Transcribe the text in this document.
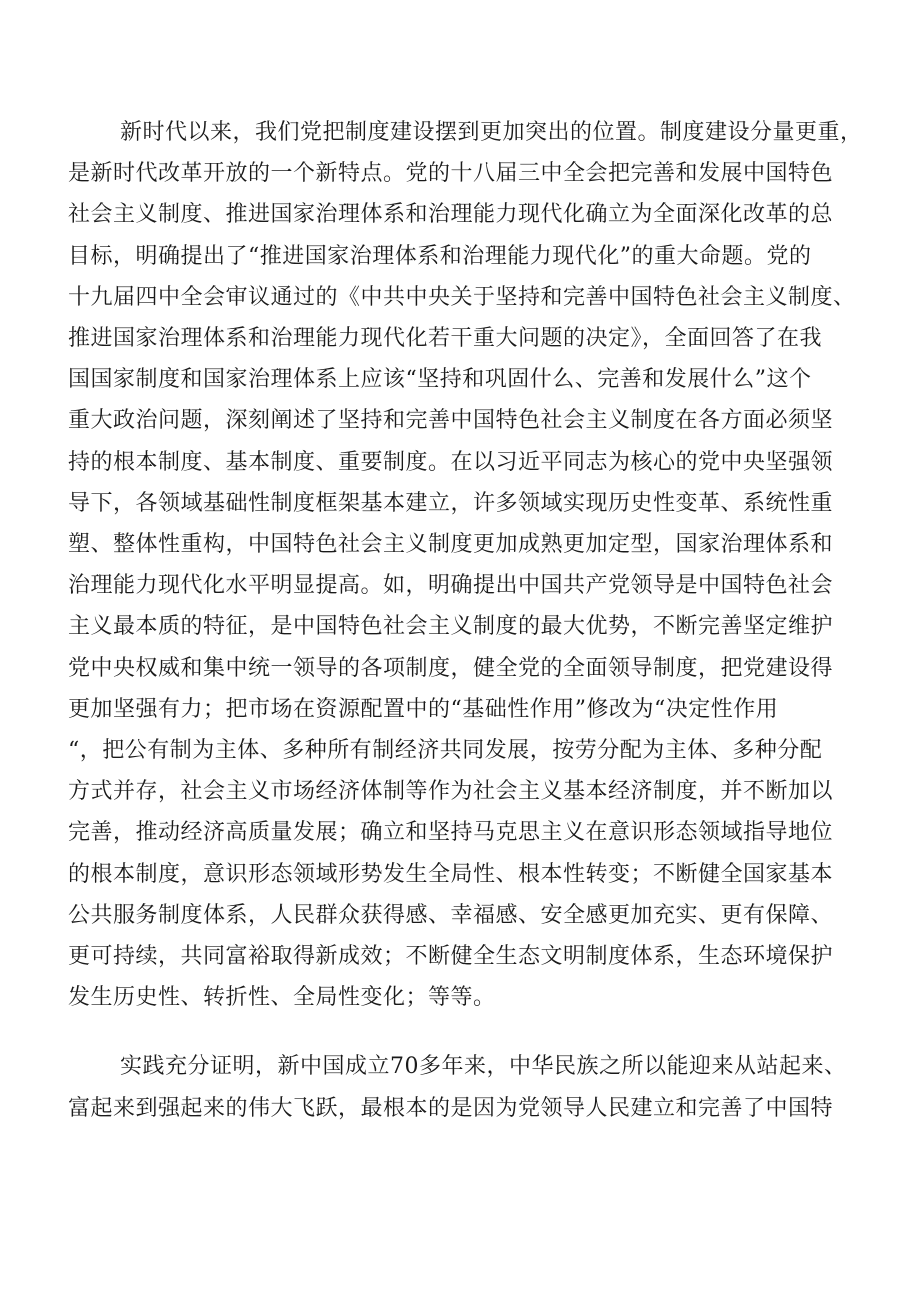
新时代以来，我们党把制度建设摆到更加突出的位置。制度建设分量更重，
是新时代改革开放的一个新特点。党的十八届三中全会把完善和发展中国特色
社会主义制度、推进国家治理体系和治理能力现代化确立为全面深化改革的总
目标，明确提出了“推进国家治理体系和治理能力现代化”的重大命题。党的
十九届四中全会审议通过的《中共中央关于坚持和完善中国特色社会主义制度、
推进国家治理体系和治理能力现代化若干重大问题的决定》，全面回答了在我
国国家制度和国家治理体系上应该“坚持和巩固什么、完善和发展什么”这个
重大政治问题，深刻阐述了坚持和完善中国特色社会主义制度在各方面必须坚
持的根本制度、基本制度、重要制度。在以习近平同志为核心的党中央坚强领
导下，各领域基础性制度框架基本建立，许多领域实现历史性变革、系统性重
塑、整体性重构，中国特色社会主义制度更加成熟更加定型，国家治理体系和
治理能力现代化水平明显提高。如，明确提出中国共产党领导是中国特色社会
主义最本质的特征，是中国特色社会主义制度的最大优势，不断完善坚定维护
党中央权威和集中统一领导的各项制度，健全党的全面领导制度，把党建设得
更加坚强有力；把市场在资源配置中的“基础性作用”修改为“决定性作用
“，把公有制为主体、多种所有制经济共同发展，按劳分配为主体、多种分配
方式并存，社会主义市场经济体制等作为社会主义基本经济制度，并不断加以
完善，推动经济高质量发展；确立和坚持马克思主义在意识形态领域指导地位
的根本制度，意识形态领域形势发生全局性、根本性转变；不断健全国家基本
公共服务制度体系，人民群众获得感、幸福感、安全感更加充实、更有保障、
更可持续，共同富裕取得新成效；不断健全生态文明制度体系，生态环境保护
发生历史性、转折性、全局性变化；等等。

实践充分证明，新中国成立70多年来，中华民族之所以能迎来从站起来、
富起来到强起来的伟大飞跃，最根本的是因为党领导人民建立和完善了中国特
